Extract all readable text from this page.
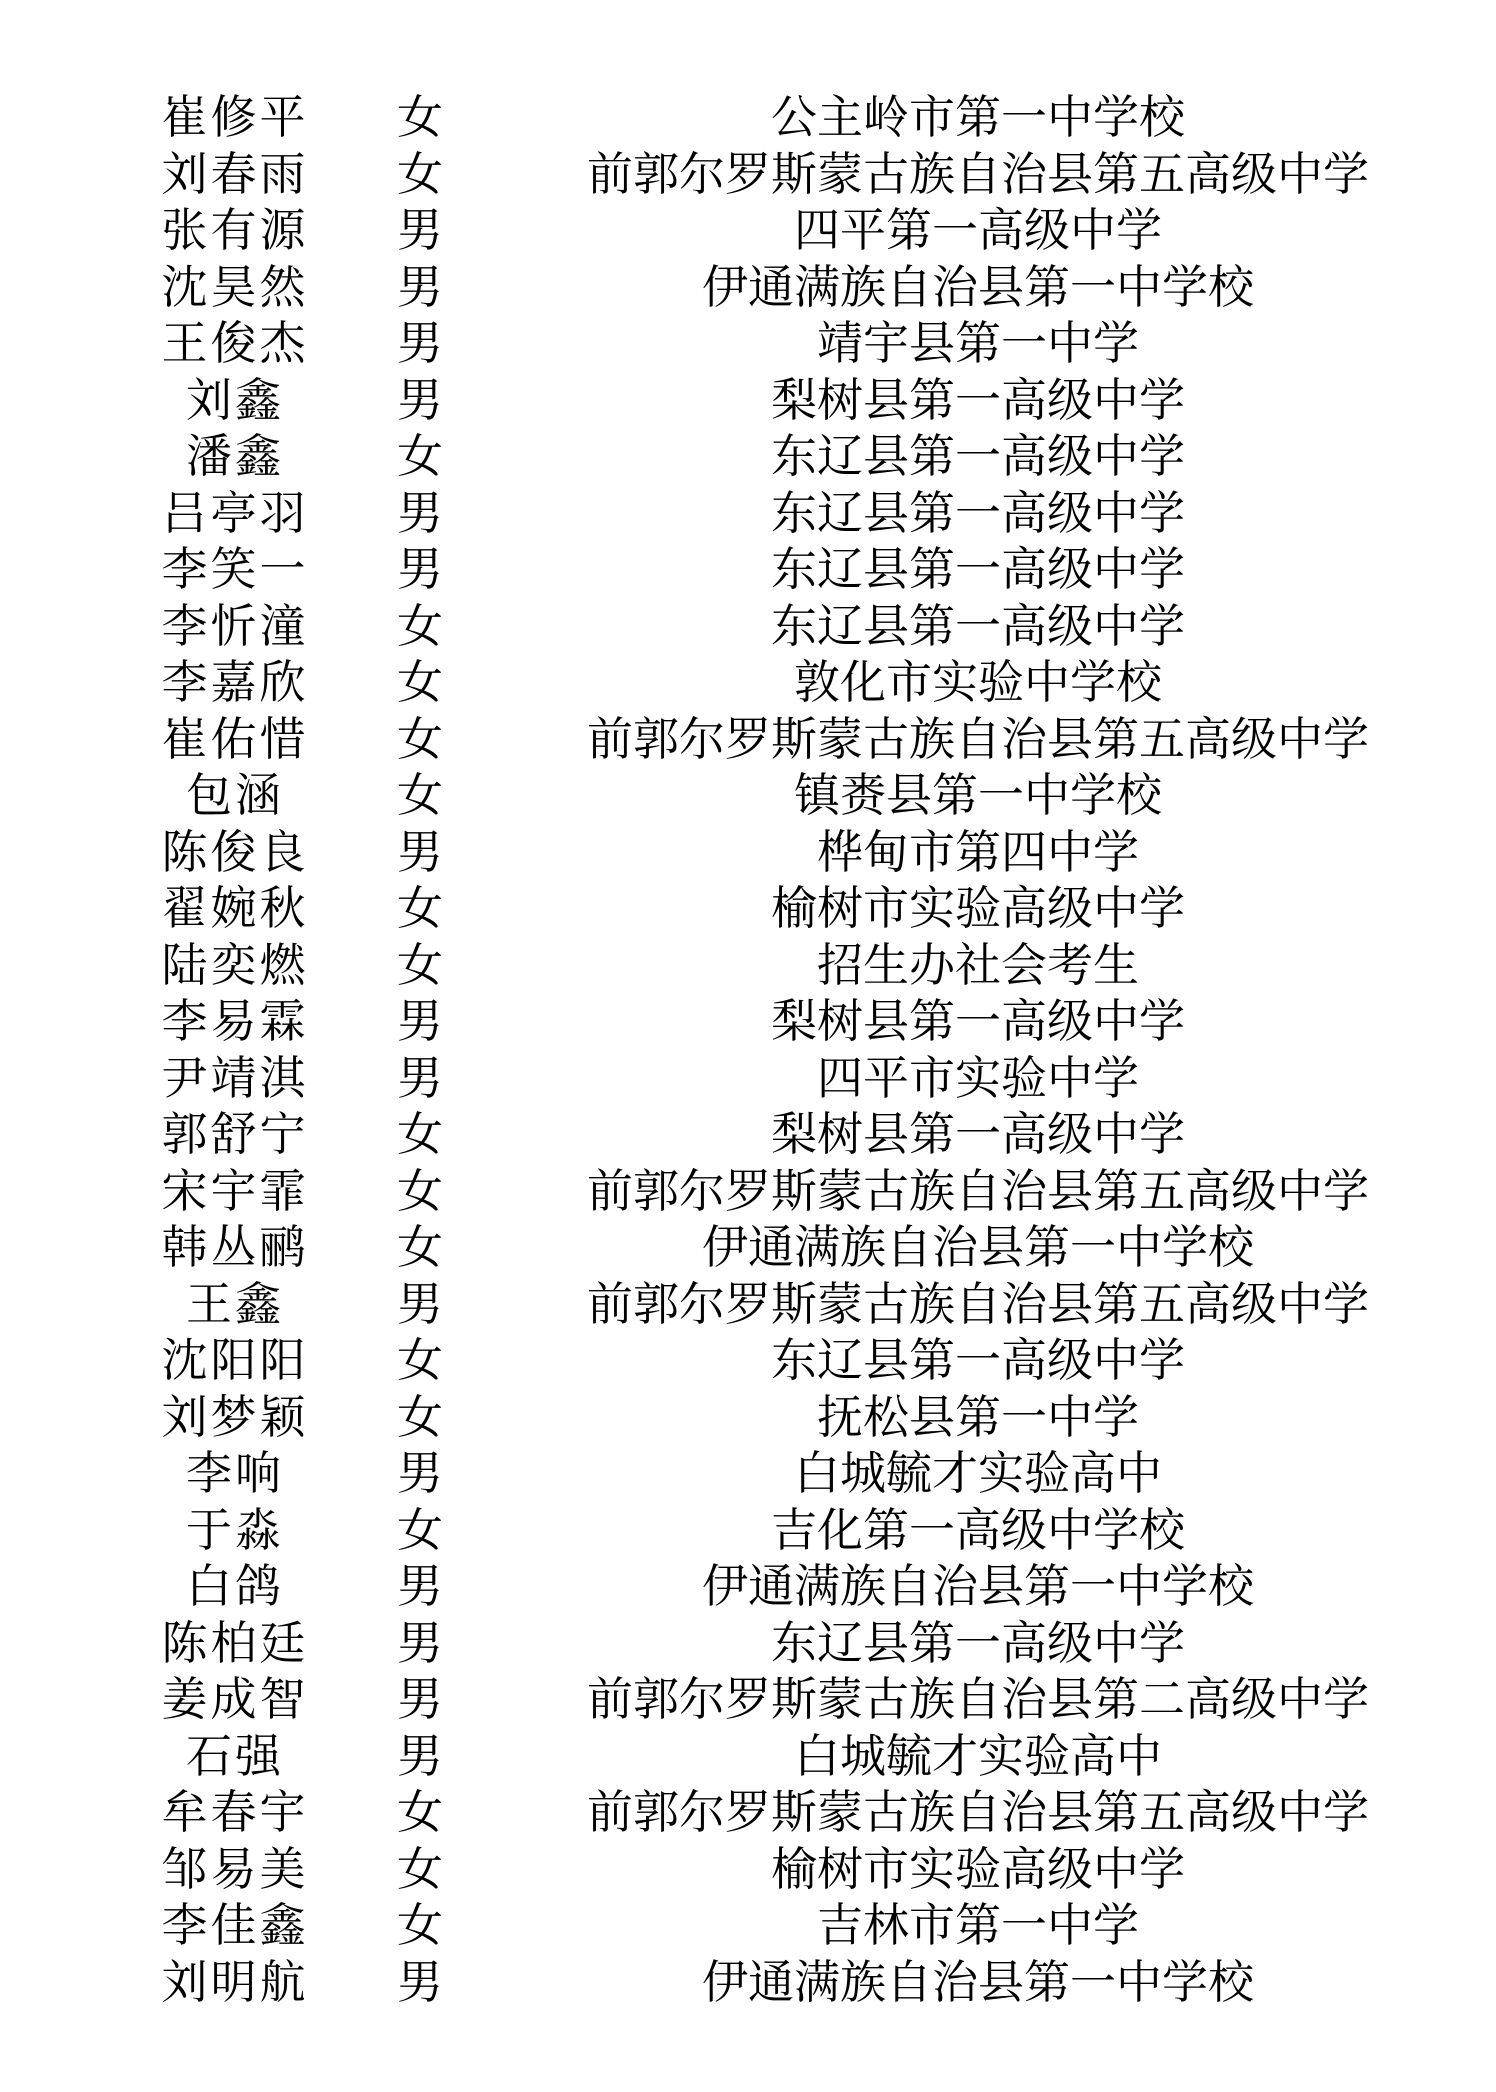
崔修平	女	公主岭市第一中学校
刘春雨	女	前郭尔罗斯蒙古族自治县第五高级中学
张有源	男	四平第一高级中学
沈昊然	男	伊通满族自治县第一中学校
王俊杰	男	靖宇县第一中学
刘鑫	男	梨树县第一高级中学
潘鑫	女	东辽县第一高级中学
吕亭羽	男	东辽县第一高级中学
李笑一	男	东辽县第一高级中学
李忻潼	女	东辽县第一高级中学
李嘉欣	女	敦化市实验中学校
崔佑惜	女	前郭尔罗斯蒙古族自治县第五高级中学
包涵	女	镇赉县第一中学校
陈俊良	男	桦甸市第四中学
翟婉秋	女	榆树市实验高级中学
陆奕燃	女	招生办社会考生
李易霖	男	梨树县第一高级中学
尹靖淇	男	四平市实验中学
郭舒宁	女	梨树县第一高级中学
宋宇霏	女	前郭尔罗斯蒙古族自治县第五高级中学
韩丛鹂	女	伊通满族自治县第一中学校
王鑫	男	前郭尔罗斯蒙古族自治县第五高级中学
沈阳阳	女	东辽县第一高级中学
刘梦颖	女	抚松县第一中学
李响	男	白城毓才实验高中
于淼	女	吉化第一高级中学校
白鸽	男	伊通满族自治县第一中学校
陈柏廷	男	东辽县第一高级中学
姜成智	男	前郭尔罗斯蒙古族自治县第二高级中学
石强	男	白城毓才实验高中
牟春宇	女	前郭尔罗斯蒙古族自治县第五高级中学
邹易美	女	榆树市实验高级中学
李佳鑫	女	吉林市第一中学
刘明航	男	伊通满族自治县第一中学校
